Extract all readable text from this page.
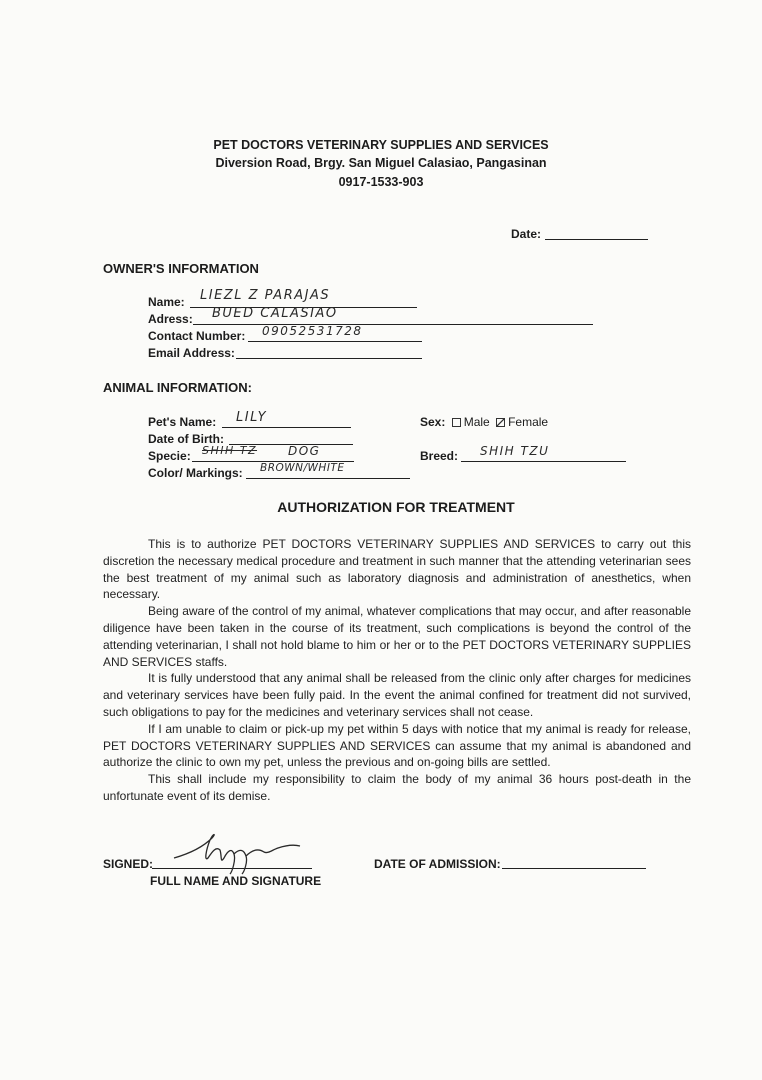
PET DOCTORS VETERINARY SUPPLIES AND SERVICES
Diversion Road, Brgy. San Miguel Calasiao, Pangasinan
0917-1533-903
Date:
OWNER'S INFORMATION
Name: LIEZL Z PARAJAS
Adress: BUED CALASIAO
Contact Number: 09052531728
Email Address:
ANIMAL INFORMATION:
Pet's Name: LILY
Date of Birth:
Specie: SHIH TZ	DOG
Color/ Markings: BROWN/WHITE
Sex: Male Female
Breed: SHIH TZU
AUTHORIZATION FOR TREATMENT

This is to authorize PET DOCTORS VETERINARY SUPPLIES AND SERVICES to carry out this discretion the necessary medical procedure and treatment in such manner that the attending veterinarian sees the best treatment of my animal such as laboratory diagnosis and administration of anesthetics, when necessary.

Being aware of the control of my animal, whatever complications that may occur, and after reasonable diligence have been taken in the course of its treatment, such complications is beyond the control of the attending veterinarian, I shall not hold blame to him or her or to the PET DOCTORS VETERINARY SUPPLIES AND SERVICES staffs.

It is fully understood that any animal shall be released from the clinic only after charges for medicines and veterinary services have been fully paid. In the event the animal confined for treatment did not survived, such obligations to pay for the medicines and veterinary services shall not cease.

If I am unable to claim or pick-up my pet within 5 days with notice that my animal is ready for release, PET DOCTORS VETERINARY SUPPLIES AND SERVICES can assume that my animal is abandoned and authorize the clinic to own my pet, unless the previous and on-going bills are settled.

This shall include my responsibility to claim the body of my animal 36 hours post-death in the unfortunate event of its demise.

SIGNED:
FULL NAME AND SIGNATURE
DATE OF ADMISSION:
